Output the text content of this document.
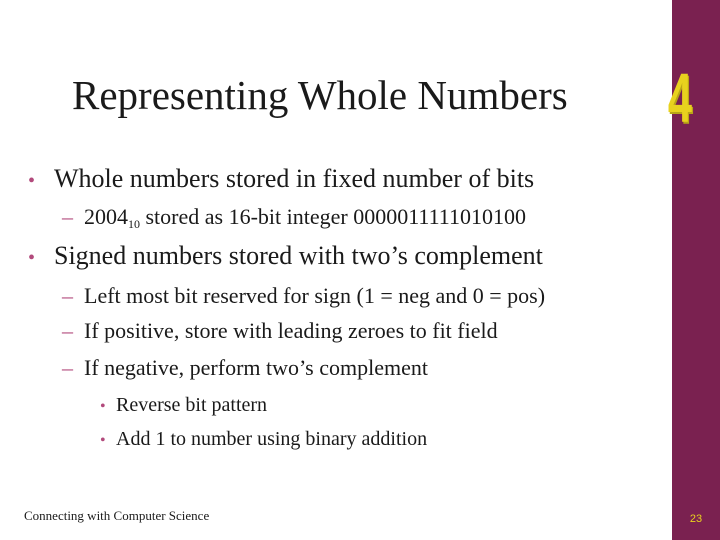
4
Representing Whole Numbers
• Whole numbers stored in fixed number of bits
– $2004_{10}$ stored as 16-bit integer 0000011111010100
• Signed numbers stored with two’s complement
– Left most bit reserved for sign (1 = neg and 0 = pos)
– If positive, store with leading zeroes to fit field
– If negative, perform two’s complement
• Reverse bit pattern
• Add 1 to number using binary addition
Connecting with Computer Science	23
